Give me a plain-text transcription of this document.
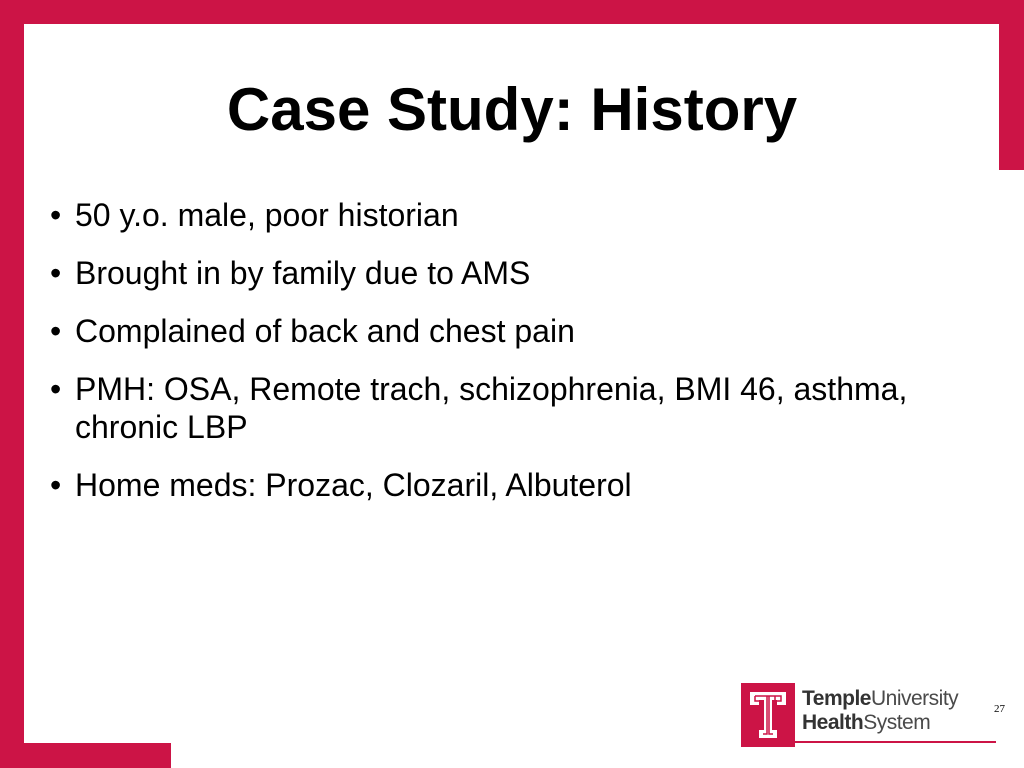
Case Study: History
• 50 y.o. male, poor historian
• Brought in by family due to AMS
• Complained of back and chest pain
• PMH: OSA, Remote trach, schizophrenia, BMI 46, asthma, chronic LBP
• Home meds: Prozac, Clozaril, Albuterol
TempleUniversity
HealthSystem
27
